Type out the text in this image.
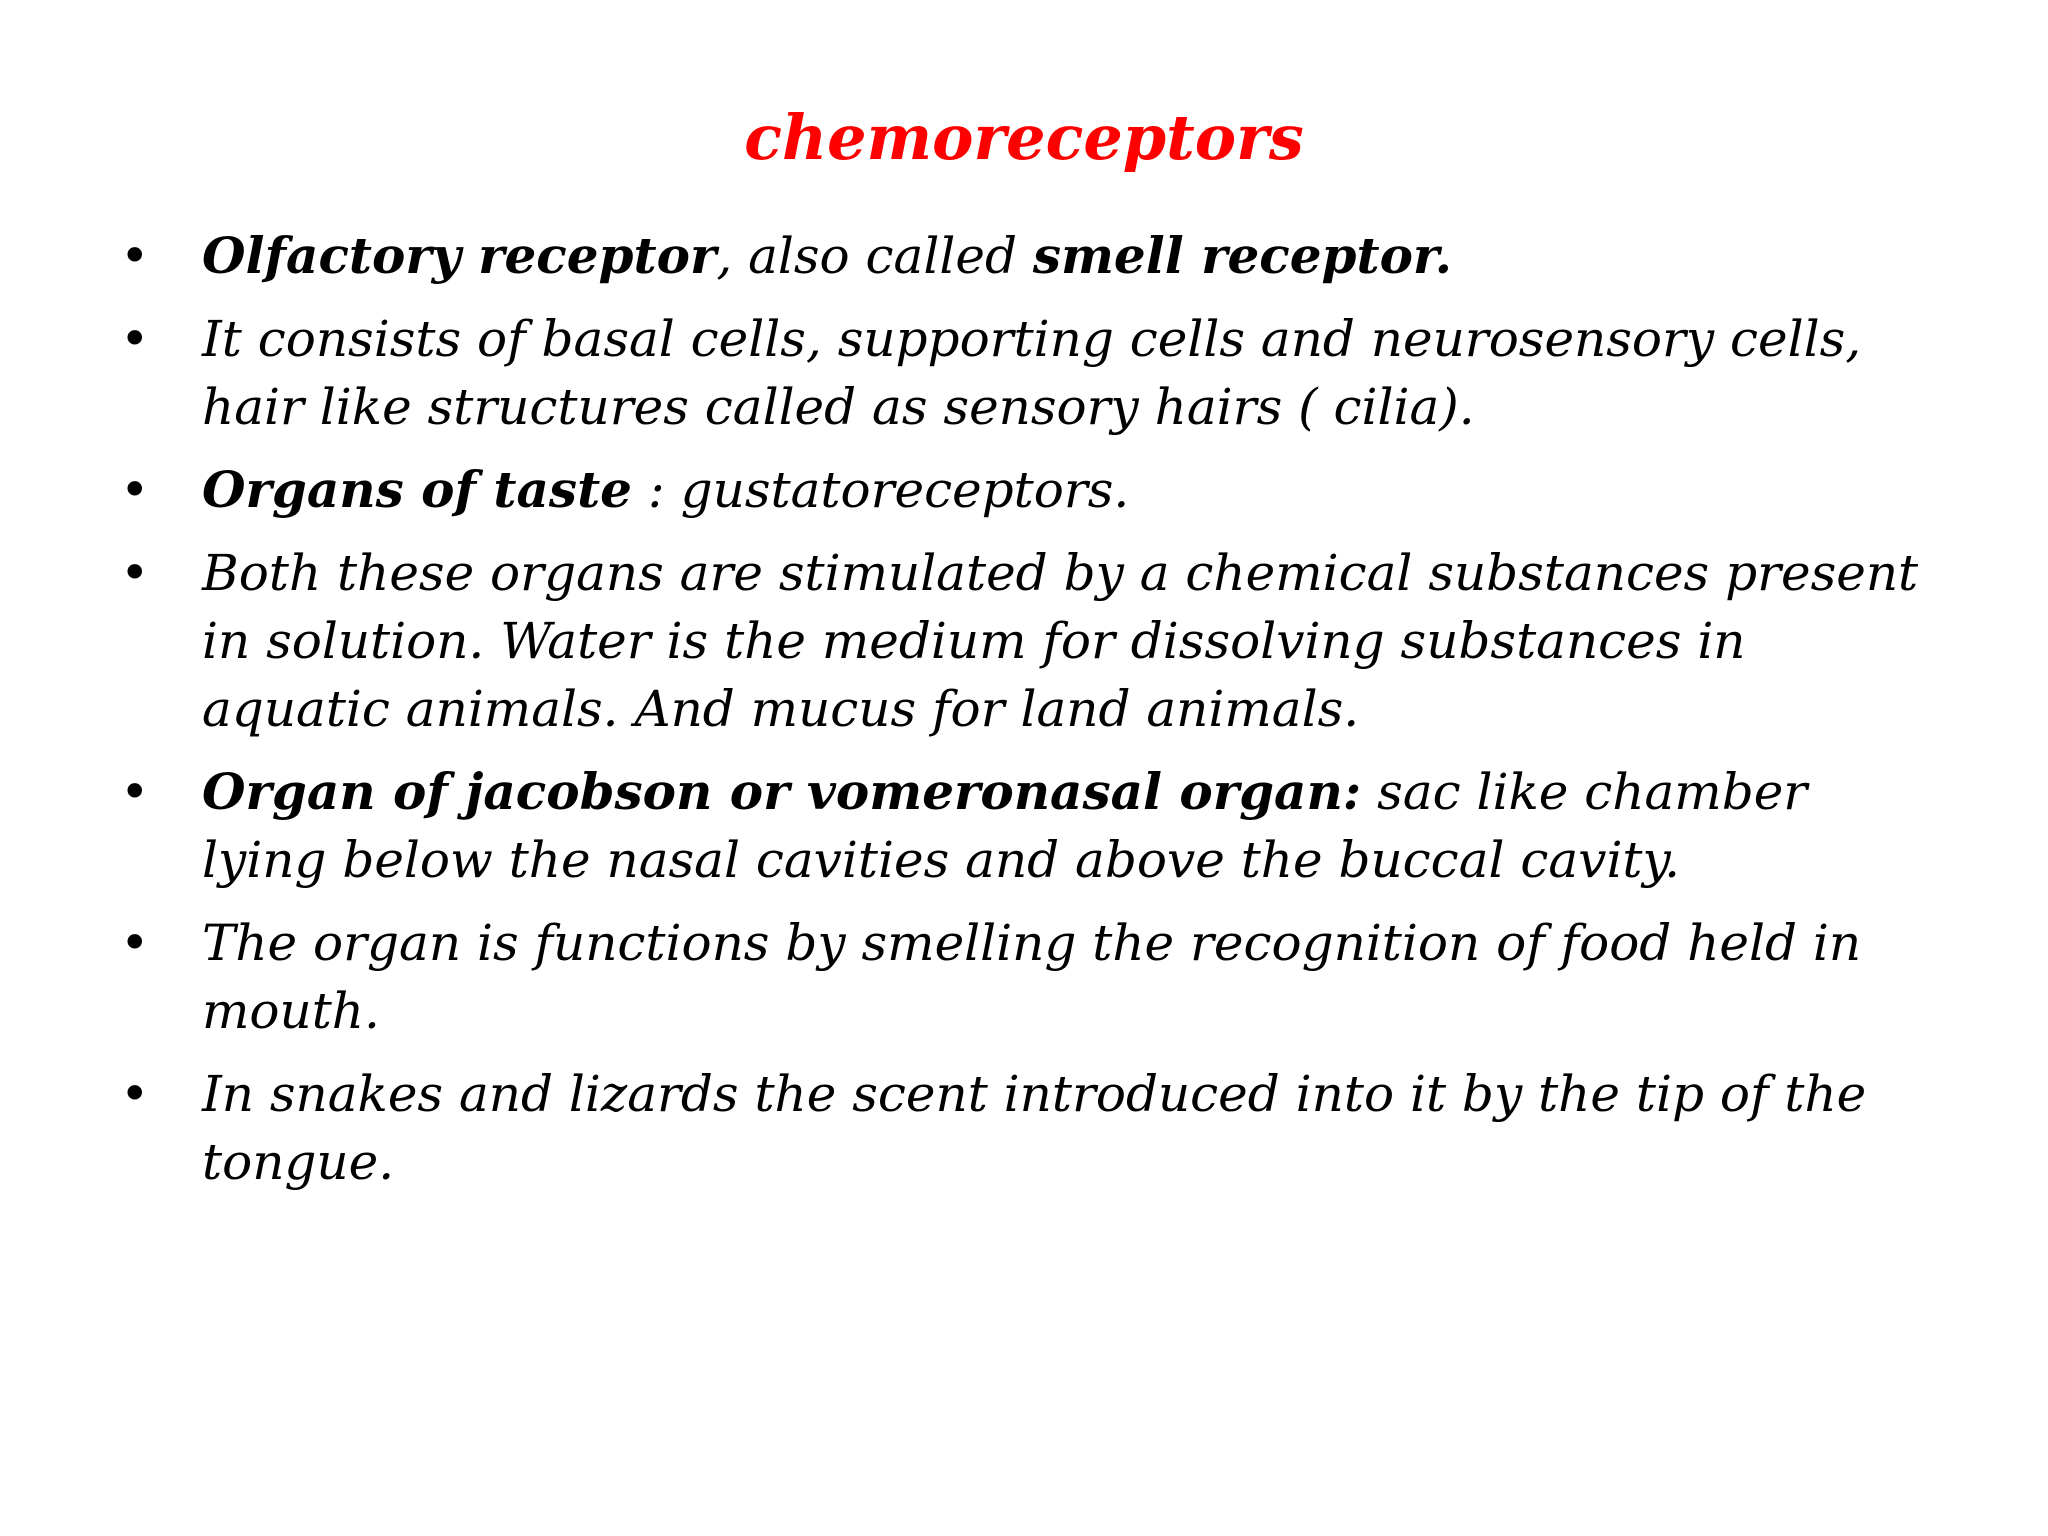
chemoreceptors
• Olfactory receptor, also called smell receptor.
• It consists of basal cells, supporting cells and neurosensory cells, hair like structures called as sensory hairs ( cilia).
• Organs of taste : gustatoreceptors.
• Both these organs are stimulated by a chemical substances present in solution. Water is the medium for dissolving substances in aquatic animals. And mucus for land animals.
• Organ of jacobson or vomeronasal organ: sac like chamber lying below the nasal cavities and above the buccal cavity.
• The organ is functions by smelling the recognition of food held in mouth.
• In snakes and lizards the scent introduced into it by the tip of the tongue.
